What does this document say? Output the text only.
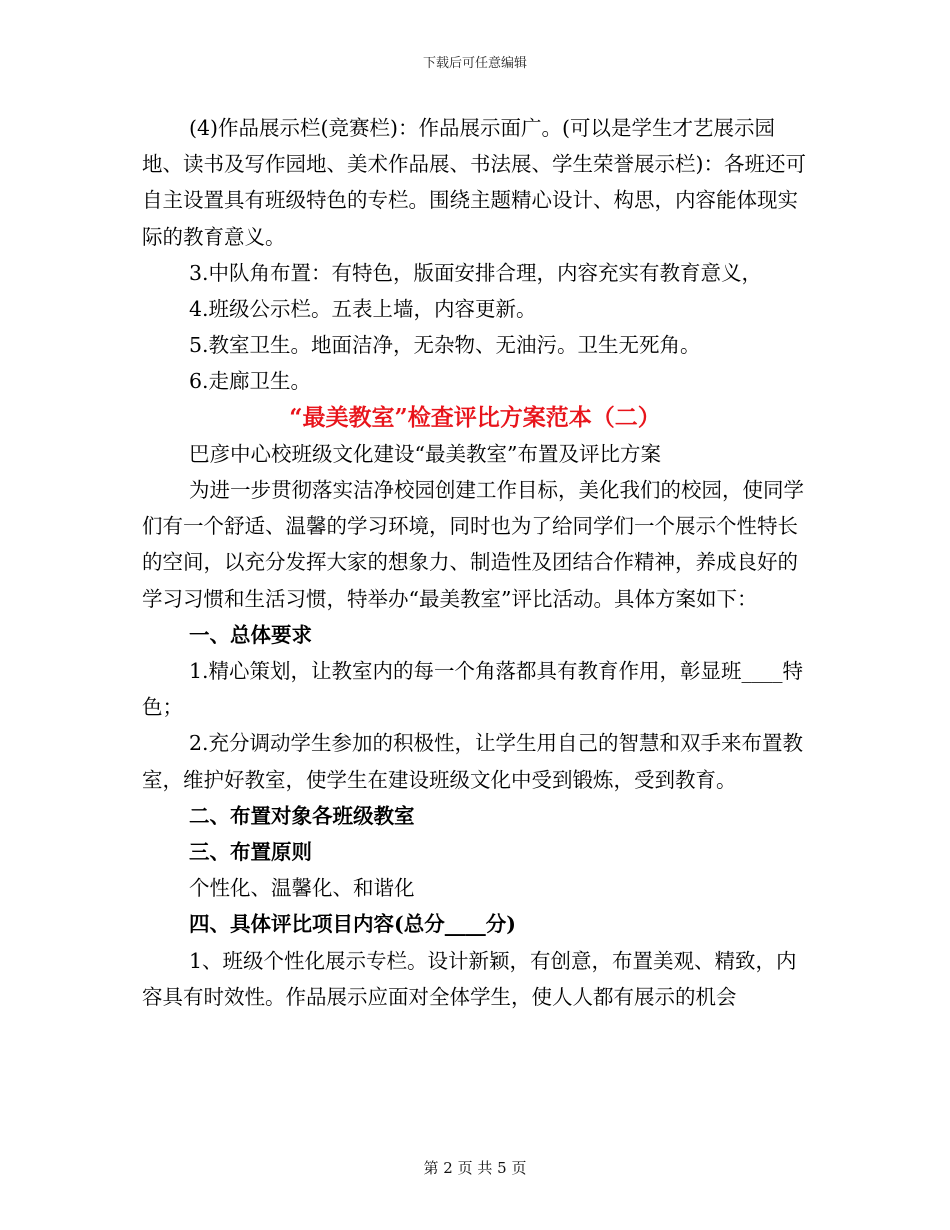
下载后可任意编辑

(4)作品展示栏(竞赛栏)：作品展示面广。(可以是学生才艺展示园地、读书及写作园地、美术作品展、书法展、学生荣誉展示栏)：各班还可自主设置具有班级特色的专栏。围绕主题精心设计、构思，内容能体现实际的教育意义。

3.中队角布置：有特色，版面安排合理，内容充实有教育意义，

4.班级公示栏。五表上墙，内容更新。

5.教室卫生。地面洁净，无杂物、无油污。卫生无死角。

6.走廊卫生。

“最美教室”检查评比方案范本（二）

巴彦中心校班级文化建设“最美教室”布置及评比方案

为进一步贯彻落实洁净校园创建工作目标，美化我们的校园，使同学们有一个舒适、温馨的学习环境，同时也为了给同学们一个展示个性特长的空间，以充分发挥大家的想象力、制造性及团结合作精神，养成良好的学习习惯和生活习惯，特举办“最美教室”评比活动。具体方案如下：

一、总体要求

1.精心策划，让教室内的每一个角落都具有教育作用，彰显班____特色；

2.充分调动学生参加的积极性，让学生用自己的智慧和双手来布置教室，维护好教室，使学生在建设班级文化中受到锻炼，受到教育。

二、布置对象各班级教室

三、布置原则

个性化、温馨化、和谐化

四、具体评比项目内容(总分____分)

1、班级个性化展示专栏。设计新颖，有创意，布置美观、精致，内容具有时效性。作品展示应面对全体学生，使人人都有展示的机会

第 2 页 共 5 页
